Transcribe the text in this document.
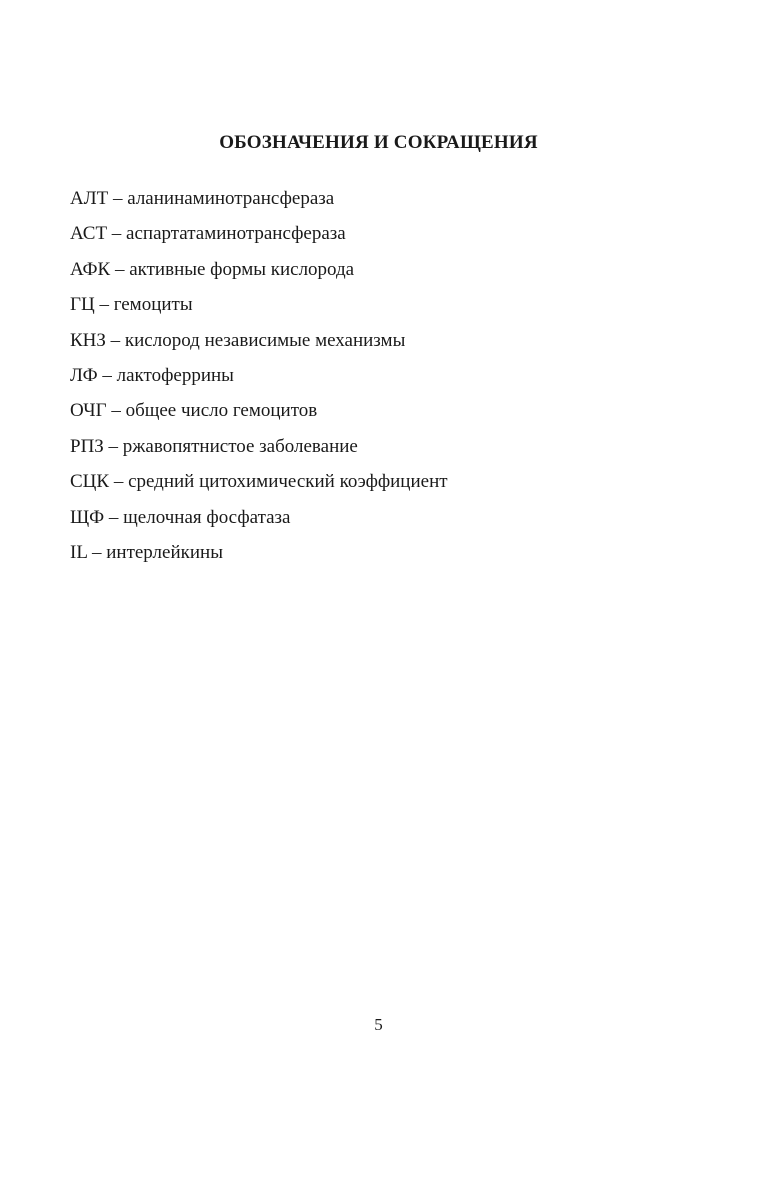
ОБОЗНАЧЕНИЯ И СОКРАЩЕНИЯ
АЛТ – аланинаминотрансфераза
АСТ – аспартатаминотрансфераза
АФК – активные формы кислорода
ГЦ – гемоциты
КНЗ – кислород независимые механизмы
ЛФ – лактоферрины
ОЧГ – общее число гемоцитов
РПЗ – ржавопятнистое заболевание
СЦК – средний цитохимический коэффициент
ЩФ – щелочная фосфатаза
IL – интерлейкины
5
